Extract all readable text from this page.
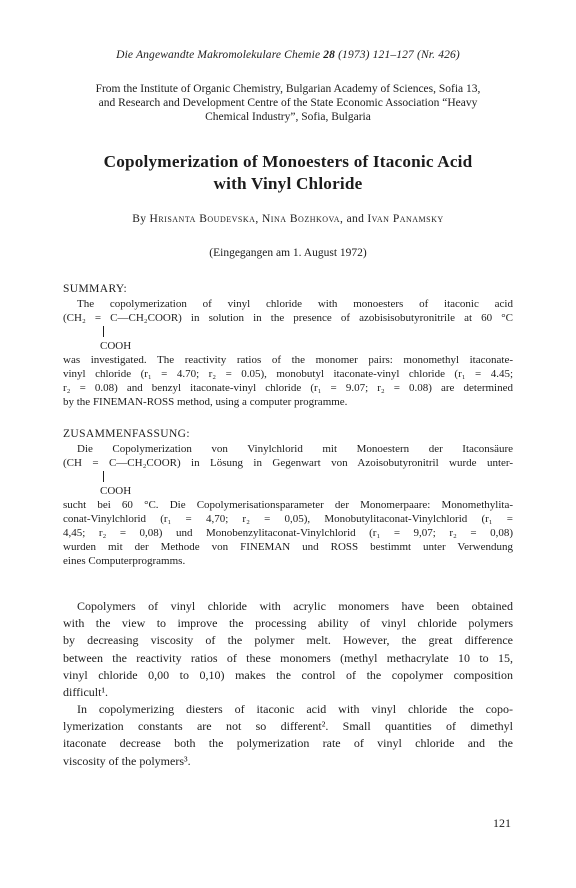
Die Angewandte Makromolekulare Chemie 28 (1973) 121–127 (Nr. 426)
From the Institute of Organic Chemistry, Bulgarian Academy of Sciences, Sofia 13,
and Research and Development Centre of the State Economic Association “Heavy
Chemical Industry”, Sofia, Bulgaria
Copolymerization of Monoesters of Itaconic Acid
with Vinyl Chloride
By Hrisanta Boudevska, Nina Bozhkova, and Ivan Panamsky
(Eingegangen am 1. August 1972)
SUMMARY:
The copolymerization of vinyl chloride with monoesters of itaconic acid
(CH₂ = C—CH₂COOR) in solution in the presence of azobisisobutyronitrile at 60 °C
COOH
was investigated. The reactivity ratios of the monomer pairs: monomethyl itaconate-
vinyl chloride (r₁ = 4.70; r₂ = 0.05), monobutyl itaconate-vinyl chloride (r₁ = 4.45;
r₂ = 0.08) and benzyl itaconate-vinyl chloride (r₁ = 9.07; r₂ = 0.08) are determined
by the FINEMAN-ROSS method, using a computer programme.
ZUSAMMENFASSUNG:
Die Copolymerization von Vinylchlorid mit Monoestern der Itaconsäure
(CH = C—CH₂COOR) in Lösung in Gegenwart von Azoisobutyronitril wurde unter-
COOH
sucht bei 60 °C. Die Copolymerisationsparameter der Monomerpaare: Monomethylita-
conat-Vinylchlorid (r₁ = 4,70; r₂ = 0,05), Monobutylitaconat-Vinylchlorid (r₁ =
4,45; r₂ = 0,08) und Monobenzylitaconat-Vinylchlorid (r₁ = 9,07; r₂ = 0,08)
wurden mit der Methode von FINEMAN und ROSS bestimmt unter Verwendung
eines Computerprogramms.
Copolymers of vinyl chloride with acrylic monomers have been obtained
with the view to improve the processing ability of vinyl chloride polymers
by decreasing viscosity of the polymer melt. However, the great difference
between the reactivity ratios of these monomers (methyl methacrylate 10 to 15,
vinyl chloride 0,00 to 0,10) makes the control of the copolymer composition
difficult¹.
In copolymerizing diesters of itaconic acid with vinyl chloride the copo-
lymerization constants are not so different². Small quantities of dimethyl
itaconate decrease both the polymerization rate of vinyl chloride and the
viscosity of the polymers³.
121
